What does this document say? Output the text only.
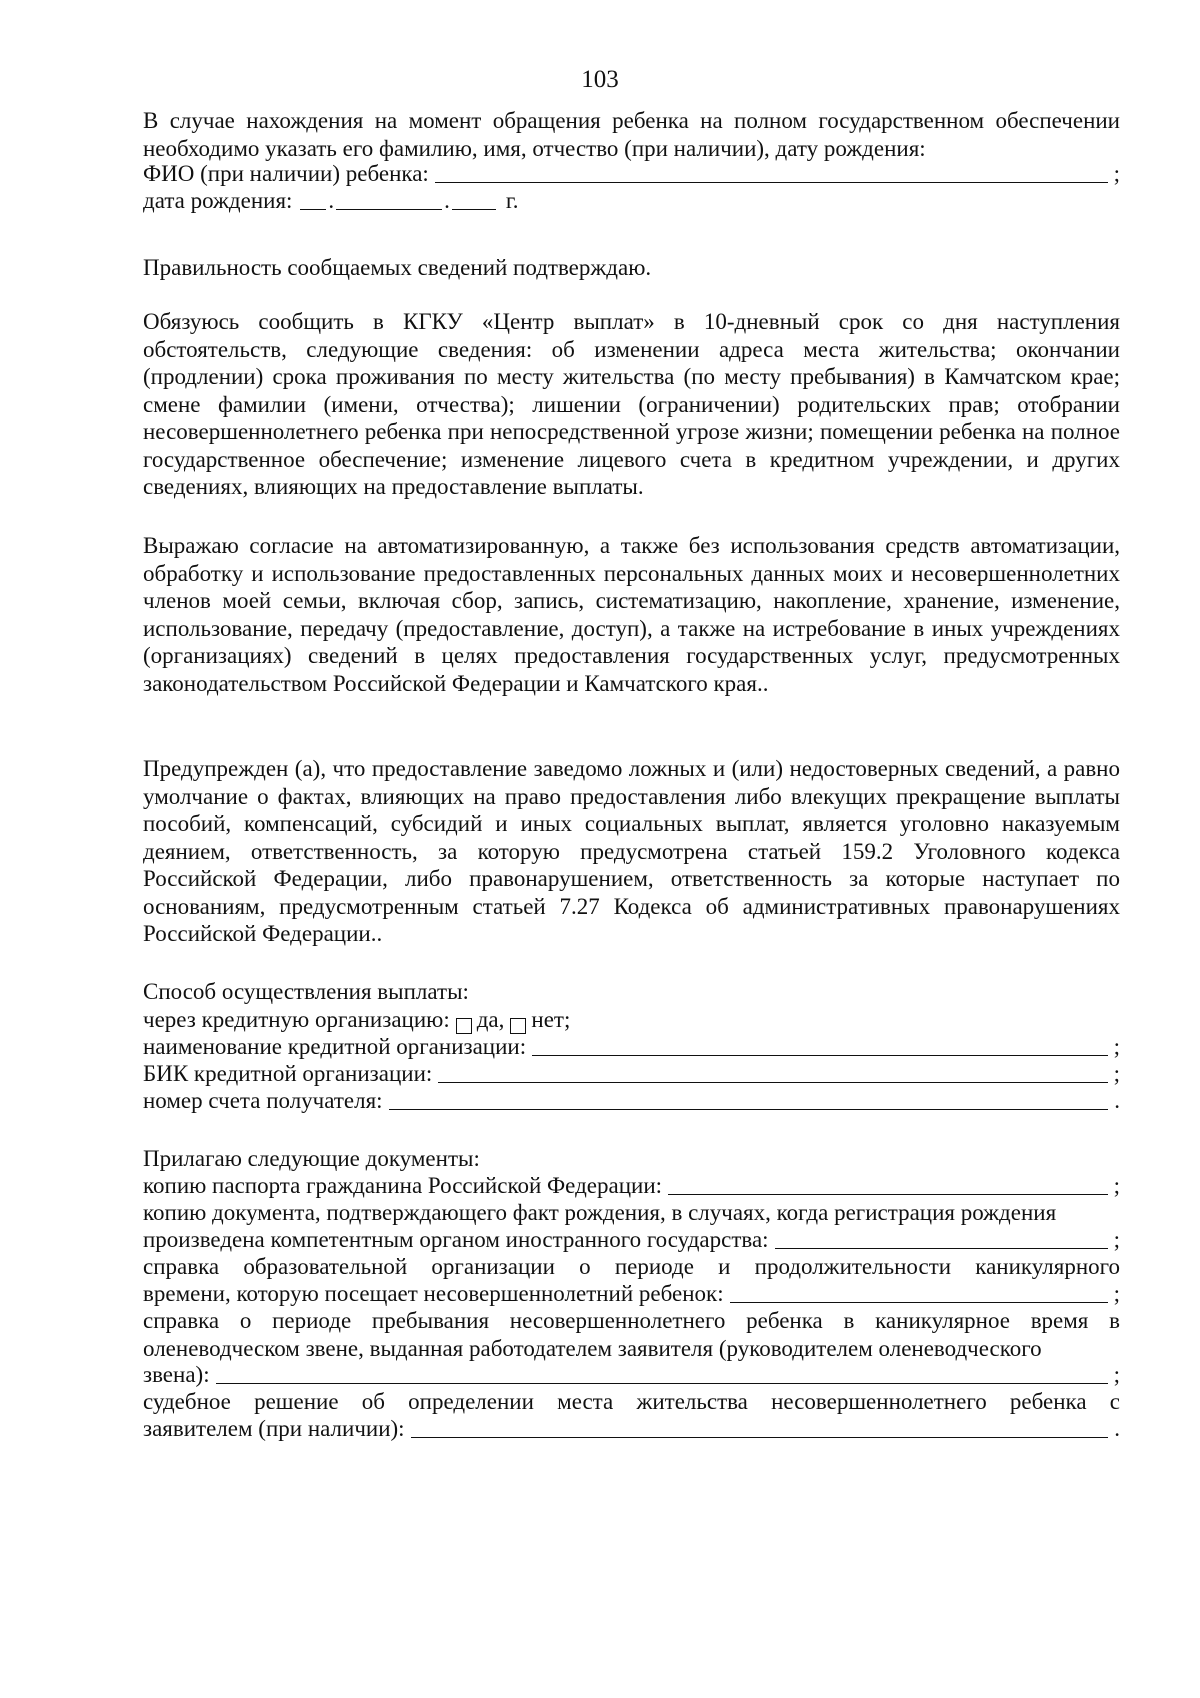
103
В случае нахождения на момент обращения ребенка на полном государственном обеспечении необходимо указать его фамилию, имя, отчество (при наличии), дату рождения:
ФИО (при наличии) ребенка:	;
дата рождения: .	. г.
Правильность сообщаемых сведений подтверждаю.
Обязуюсь сообщить в КГКУ «Центр выплат» в 10-дневный срок со дня наступления обстоятельств, следующие сведения: об изменении адреса места жительства; окончании (продлении) срока проживания по месту жительства (по месту пребывания) в Камчатском крае; смене фамилии (имени, отчества); лишении (ограничении) родительских прав; отобрании несовершеннолетнего ребенка при непосредственной угрозе жизни; помещении ребенка на полное государственное обеспечение; изменение лицевого счета в кредитном учреждении, и других сведениях, влияющих на предоставление выплаты.
Выражаю согласие на автоматизированную, а также без использования средств автоматизации, обработку и использование предоставленных персональных данных моих и несовершеннолетних членов моей семьи, включая сбор, запись, систематизацию, накопление, хранение, изменение, использование, передачу (предоставление, доступ), а также на истребование в иных учреждениях (организациях) сведений в целях предоставления государственных услуг, предусмотренных законодательством Российской Федерации и Камчатского края..
Предупрежден (а), что предоставление заведомо ложных и (или) недостоверных сведений, а равно умолчание о фактах, влияющих на право предоставления либо влекущих прекращение выплаты пособий, компенсаций, субсидий и иных социальных выплат, является уголовно наказуемым деянием, ответственность, за которую предусмотрена статьей 159.2 Уголовного кодекса Российской Федерации, либо правонарушением, ответственность за которые наступает по основаниям, предусмотренным статьей 7.27 Кодекса об административных правонарушениях Российской Федерации..
Способ осуществления выплаты:
через кредитную организацию: да, нет;
наименование кредитной организации:	;
БИК кредитной организации:	;
номер счета получателя:	.
Прилагаю следующие документы:
копию паспорта гражданина Российской Федерации:	;
копию документа, подтверждающего факт рождения, в случаях, когда регистрация рождения
произведена компетентным органом иностранного государства:	;
справка образовательной организации о периоде и продолжительности каникулярного
времени, которую посещает несовершеннолетний ребенок:	;
справка о периоде пребывания несовершеннолетнего ребенка в каникулярное время в оленеводческом звене, выданная работодателем заявителя (руководителем оленеводческого
звена):	;
судебное решение об определении места жительства несовершеннолетнего ребенка с
заявителем (при наличии):	.
